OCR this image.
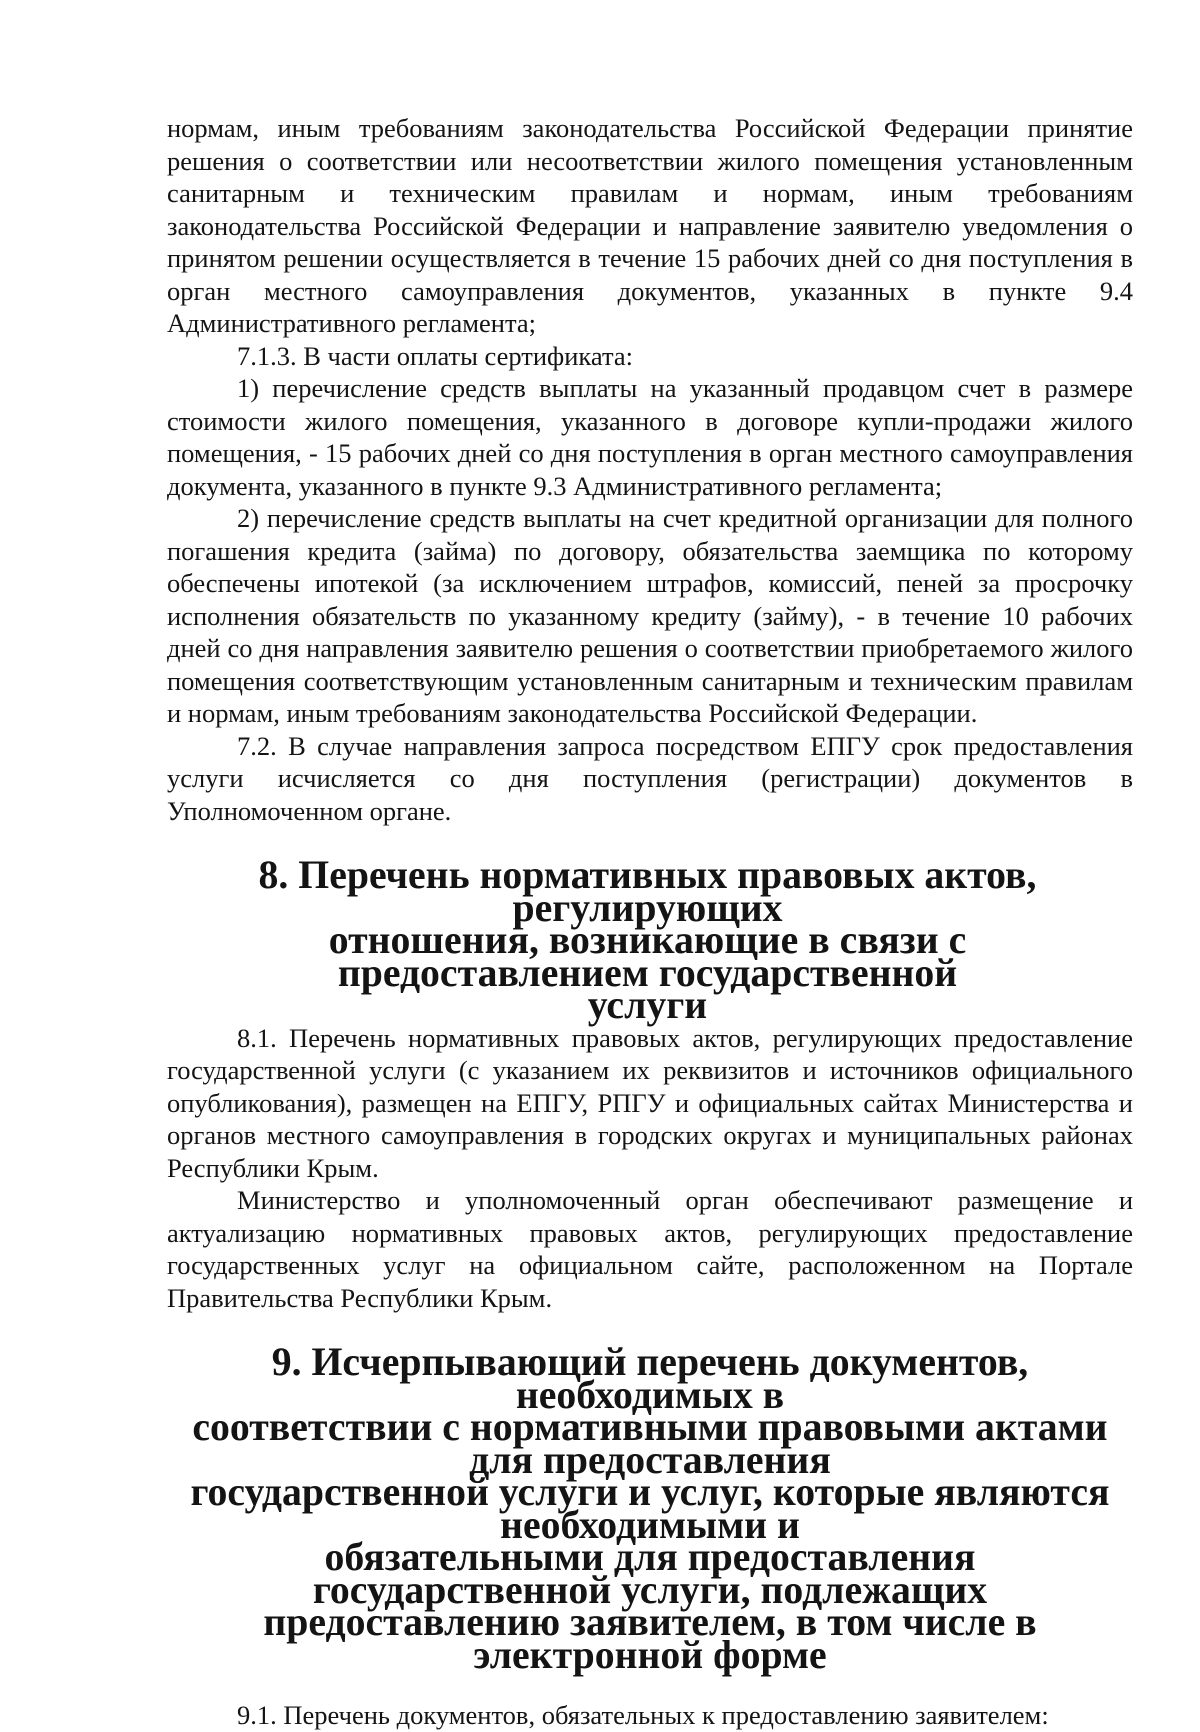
нормам, иным требованиям законодательства Российской Федерации принятие решения о соответствии или несоответствии жилого помещения установленным санитарным и техническим правилам и нормам, иным требованиям законодательства Российской Федерации и направление заявителю уведомления о принятом решении осуществляется в течение 15 рабочих дней со дня поступления в орган местного самоуправления документов, указанных в пункте 9.4 Административного регламента;

7.1.3. В части оплаты сертификата:

1) перечисление средств выплаты на указанный продавцом счет в размере стоимости жилого помещения, указанного в договоре купли-продажи жилого помещения, - 15 рабочих дней со дня поступления в орган местного самоуправления документа, указанного в пункте 9.3 Административного регламента;

2) перечисление средств выплаты на счет кредитной организации для полного погашения кредита (займа) по договору, обязательства заемщика по которому обеспечены ипотекой (за исключением штрафов, комиссий, пеней за просрочку исполнения обязательств по указанному кредиту (займу), - в течение 10 рабочих дней со дня направления заявителю решения о соответствии приобретаемого жилого помещения соответствующим установленным санитарным и техническим правилам и нормам, иным требованиям законодательства Российской Федерации.

7.2. В случае направления запроса посредством ЕПГУ срок предоставления услуги исчисляется со дня поступления (регистрации) документов в Уполномоченном органе.

8. Перечень нормативных правовых актов, регулирующих
отношения, возникающие в связи с предоставлением государственной
услуги

8.1. Перечень нормативных правовых актов, регулирующих предоставление государственной услуги (с указанием их реквизитов и источников официального опубликования), размещен на ЕПГУ, РПГУ и официальных сайтах Министерства и органов местного самоуправления в городских округах и муниципальных районах Республики Крым.

Министерство и уполномоченный орган обеспечивают размещение и актуализацию нормативных правовых актов, регулирующих предоставление государственных услуг на официальном сайте, расположенном на Портале Правительства Республики Крым.

9. Исчерпывающий перечень документов, необходимых в
соответствии с нормативными правовыми актами для предоставления
государственной услуги и услуг, которые являются необходимыми и
обязательными для предоставления государственной услуги, подлежащих
предоставлению заявителем, в том числе в электронной форме

9.1. Перечень документов, обязательных к предоставлению заявителем:
